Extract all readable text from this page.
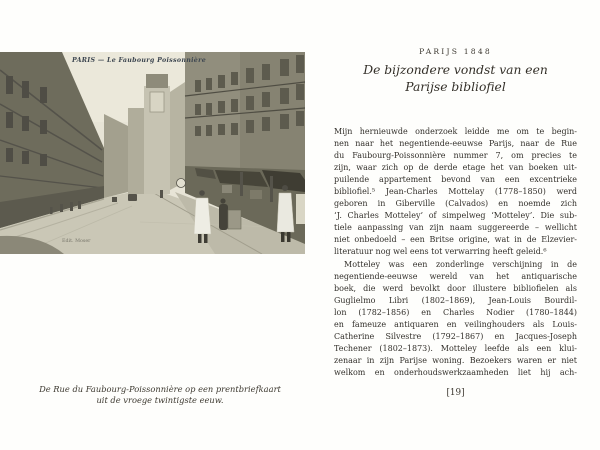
PARIS — Le Faubourg Poissonnière
Edit. Moser
De Rue du Faubourg-Poissonnière op een prentbriefkaart
uit de vroege twintigste eeuw.
PARIJS 1848
De bijzondere vondst van een
Parijse bibliofiel
Mijn hernieuwde onderzoek leidde me om te begin-
nen naar het negentiende-eeuwse Parijs, naar de Rue
du Faubourg-Poissonnière nummer 7, om precies te
zijn, waar zich op de derde etage het van boeken uit-
puilende appartement bevond van een excentrieke
bibliofiel.⁵ Jean-Charles Mottelay (1778–1850) werd
geboren in Giberville (Calvados) en noemde zich
‘J. Charles Motteley’ of simpelweg ‘Motteley’. Die sub-
tiele aanpassing van zijn naam suggereerde – wellicht
niet onbedoeld – een Britse origine, wat in de Elzevier-
literatuur nog wel eens tot verwarring heeft geleid.⁶
Motteley was een zonderlinge verschijning in de
negentiende-eeuwse wereld van het antiquarische
boek, die werd bevolkt door illustere bibliofielen als
Guglielmo Libri (1802–1869), Jean-Louis Bourdil-
lon (1782–1856) en Charles Nodier (1780–1844)
en fameuze antiquaren en veilinghouders als Louis-
Catherine Silvestre (1792–1867) en Jacques-Joseph
Techener (1802–1873). Motteley leefde als een klui-
zenaar in zijn Parijse woning. Bezoekers waren er niet
welkom en onderhoudswerkzaamheden liet hij ach-
[19]
